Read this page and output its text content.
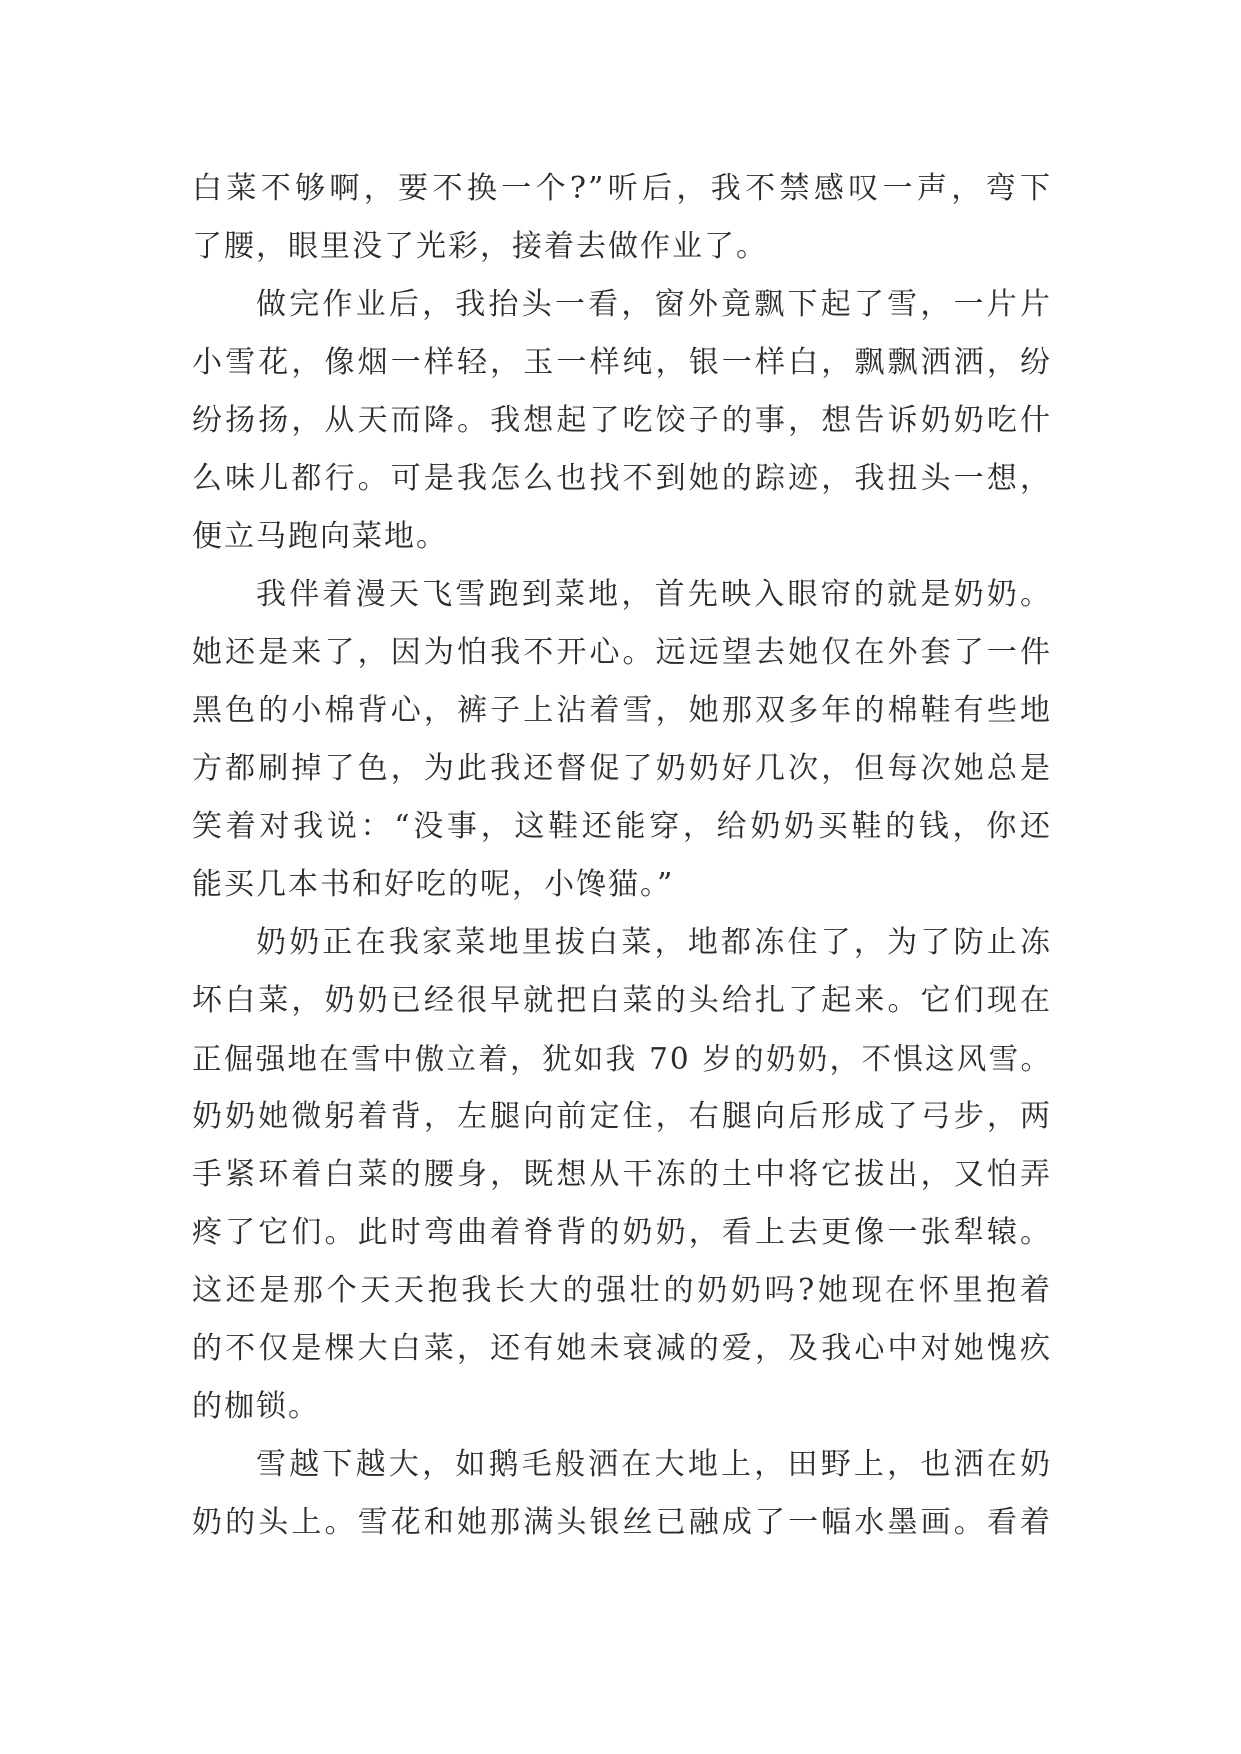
白菜不够啊，要不换一个?”听后，我不禁感叹一声，弯下
了腰，眼里没了光彩，接着去做作业了。

做完作业后，我抬头一看，窗外竟飘下起了雪，一片片
小雪花，像烟一样轻，玉一样纯，银一样白，飘飘洒洒，纷
纷扬扬，从天而降。我想起了吃饺子的事，想告诉奶奶吃什
么味儿都行。可是我怎么也找不到她的踪迹，我扭头一想，
便立马跑向菜地。

我伴着漫天飞雪跑到菜地，首先映入眼帘的就是奶奶。
她还是来了，因为怕我不开心。远远望去她仅在外套了一件
黑色的小棉背心，裤子上沾着雪，她那双多年的棉鞋有些地
方都刷掉了色，为此我还督促了奶奶好几次，但每次她总是
笑着对我说：“没事，这鞋还能穿，给奶奶买鞋的钱，你还
能买几本书和好吃的呢，小馋猫。”

奶奶正在我家菜地里拔白菜，地都冻住了，为了防止冻
坏白菜，奶奶已经很早就把白菜的头给扎了起来。它们现在
正倔强地在雪中傲立着，犹如我 70 岁的奶奶，不惧这风雪。
奶奶她微躬着背，左腿向前定住，右腿向后形成了弓步，两
手紧环着白菜的腰身，既想从干冻的土中将它拔出，又怕弄
疼了它们。此时弯曲着脊背的奶奶，看上去更像一张犁辕。
这还是那个天天抱我长大的强壮的奶奶吗?她现在怀里抱着
的不仅是棵大白菜，还有她未衰减的爱，及我心中对她愧疚
的枷锁。

雪越下越大，如鹅毛般洒在大地上，田野上，也洒在奶
奶的头上。雪花和她那满头银丝已融成了一幅水墨画。看着
